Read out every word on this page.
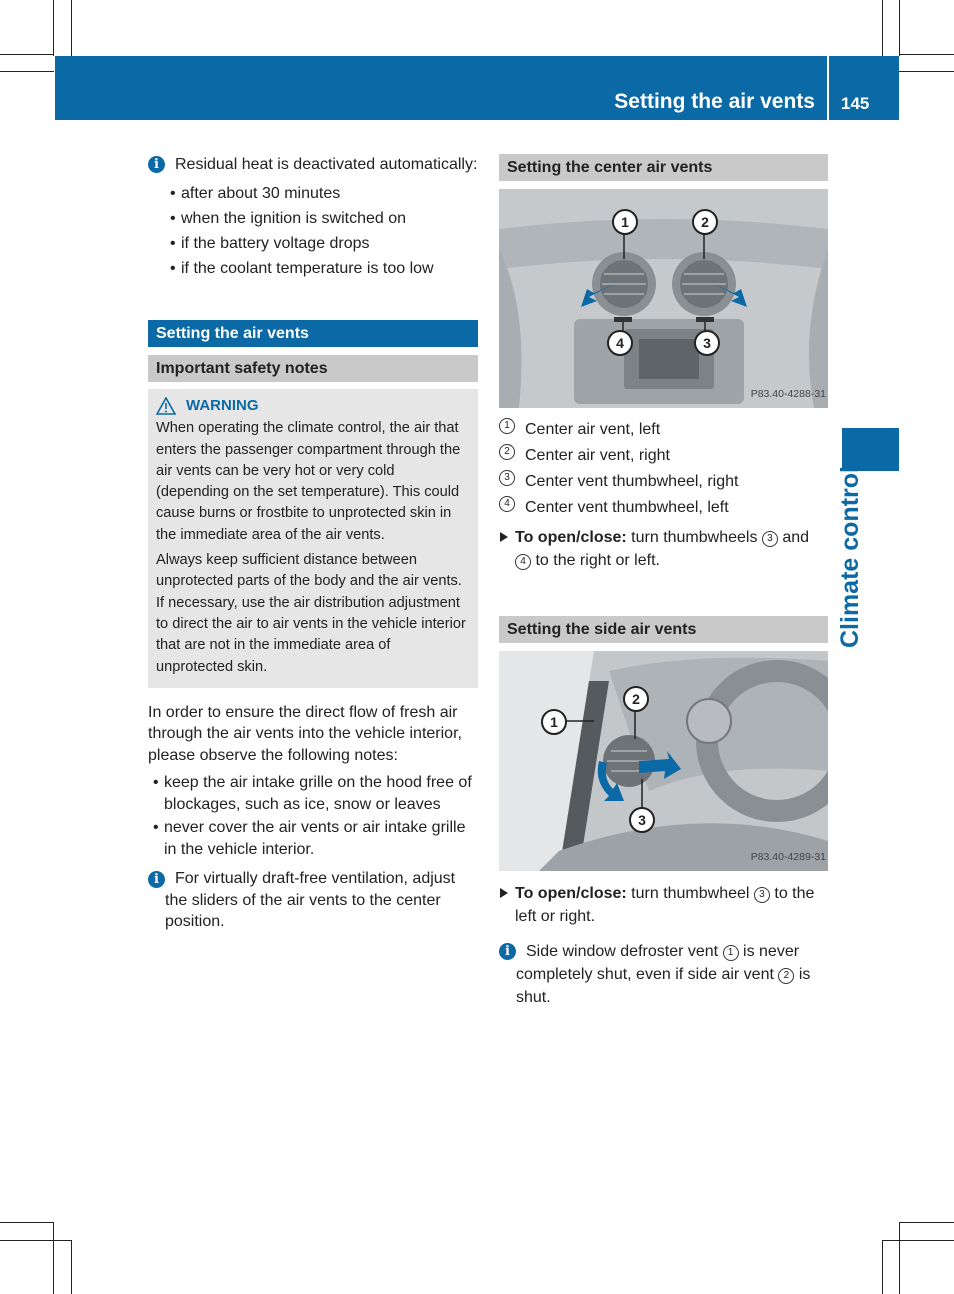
Setting the air vents 145
Climate control
i	Residual heat is deactivated automatically:
• after about 30 minutes
• when the ignition is switched on
• if the battery voltage drops
• if the coolant temperature is too low
Setting the air vents
Important safety notes
WARNING

When operating the climate control, the air that enters the passenger compartment through the air vents can be very hot or very cold (depending on the set temperature). This could cause burns or frostbite to unprotected skin in the immediate area of the air vents.

Always keep sufficient distance between unprotected parts of the body and the air vents. If necessary, use the air distribution adjustment to direct the air to air vents in the vehicle interior that are not in the immediate area of unprotected skin.

In order to ensure the direct flow of fresh air through the air vents into the vehicle interior, please observe the following notes:

• keep the air intake grille on the hood free of blockages, such as ice, snow or leaves
• never cover the air vents or air intake grille in the vehicle interior.
i	For virtually draft-free ventilation, adjust the sliders of the air vents to the center position.
Setting the center air vents
1	2
3
4
P83.40-4288-31
1 Center air vent, left
2 Center air vent, right
3 Center vent thumbwheel, right
4 Center vent thumbwheel, left
To open/close: turn thumbwheels 3 and 4 to the right or left.
Setting the side air vents
1
2
3
P83.40-4289-31
To open/close: turn thumbwheel 3 to the left or right.
i	Side window defroster vent 1 is never completely shut, even if side air vent 2 is shut.
